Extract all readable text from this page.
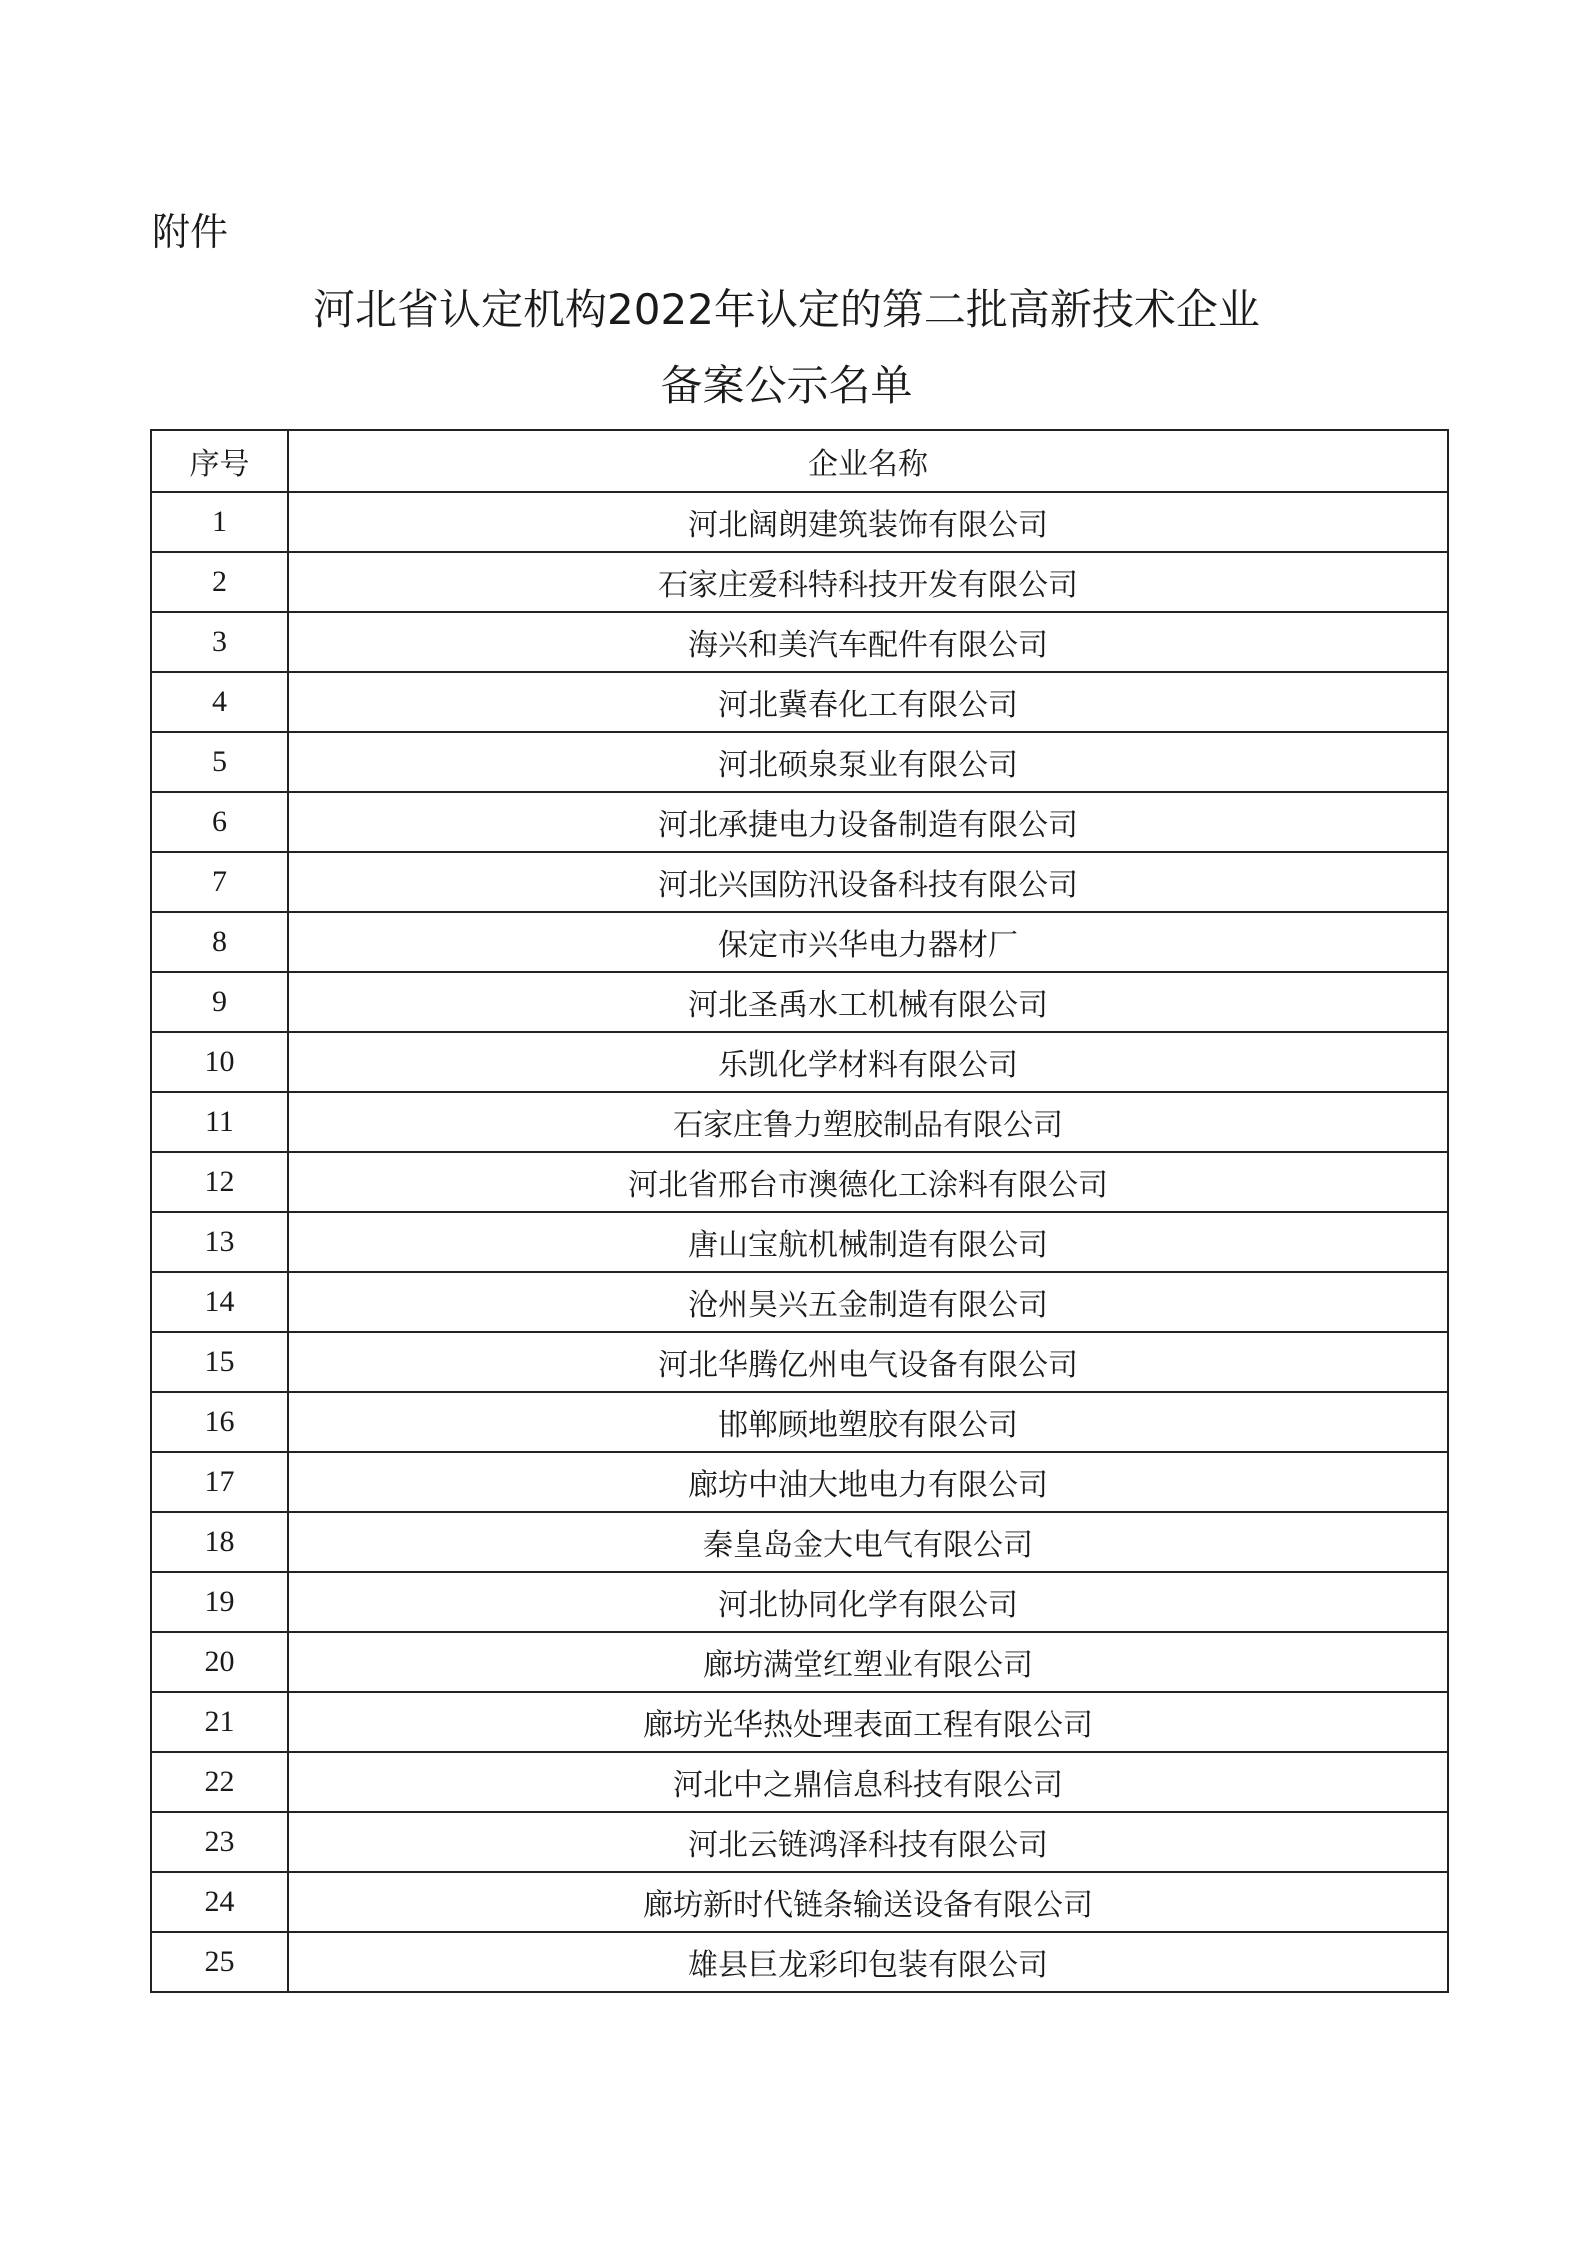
附件
河北省认定机构2022年认定的第二批高新技术企业
备案公示名单
序号	企业名称
1	河北阔朗建筑装饰有限公司
2	石家庄爱科特科技开发有限公司
3	海兴和美汽车配件有限公司
4	河北冀春化工有限公司
5	河北硕泉泵业有限公司
6	河北承捷电力设备制造有限公司
7	河北兴国防汛设备科技有限公司
8	保定市兴华电力器材厂
9	河北圣禹水工机械有限公司
10	乐凯化学材料有限公司
11	石家庄鲁力塑胶制品有限公司
12	河北省邢台市澳德化工涂料有限公司
13	唐山宝航机械制造有限公司
14	沧州昊兴五金制造有限公司
15	河北华腾亿州电气设备有限公司
16	邯郸顾地塑胶有限公司
17	廊坊中油大地电力有限公司
18	秦皇岛金大电气有限公司
19	河北协同化学有限公司
20	廊坊满堂红塑业有限公司
21	廊坊光华热处理表面工程有限公司
22	河北中之鼎信息科技有限公司
23	河北云链鸿泽科技有限公司
24	廊坊新时代链条输送设备有限公司
25	雄县巨龙彩印包装有限公司
